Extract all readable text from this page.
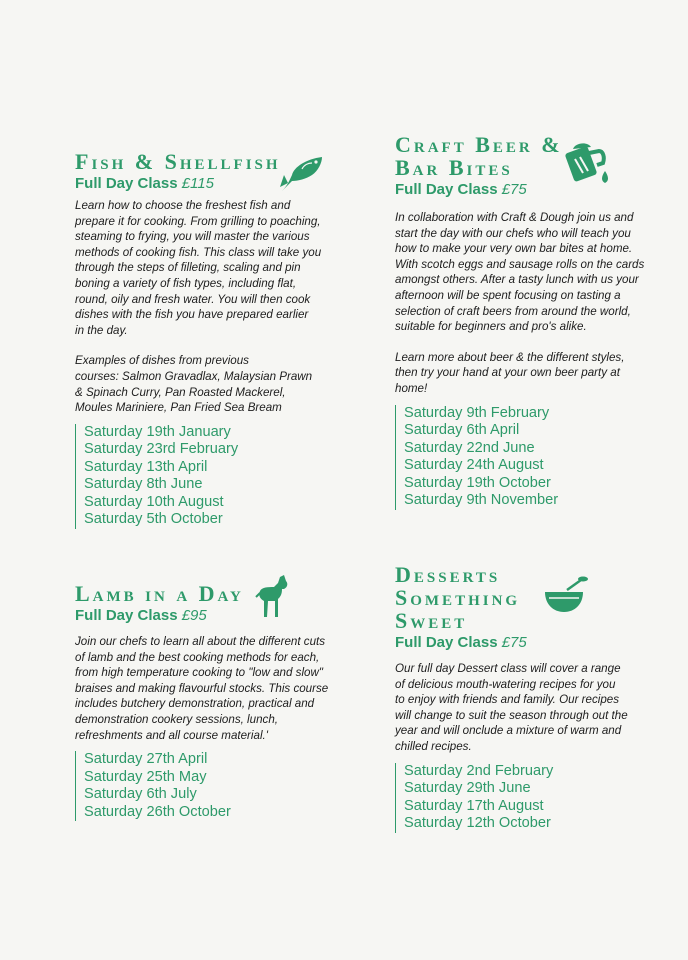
Fish & Shellfish
Full Day Class £115

Learn how to choose the freshest fish and
prepare it for cooking. From grilling to poaching,
steaming to frying, you will master the various
methods of cooking fish. This class will take you
through the steps of filleting, scaling and pin
boning a variety of fish types, including flat,
round, oily and fresh water. You will then cook
dishes with the fish you have prepared earlier
in the day.

Examples of dishes from previous
courses: Salmon Gravadlax, Malaysian Prawn
& Spinach Curry, Pan Roasted Mackerel,
Moules Mariniere, Pan Fried Sea Bream

Saturday 19th January
Saturday 23rd February
Saturday 13th April
Saturday 8th June
Saturday 10th August
Saturday 5th October
Craft Beer &
Bar Bites
Full Day Class £75

In collaboration with Craft & Dough join us and
start the day with our chefs who will teach you
how to make your very own bar bites at home.
With scotch eggs and sausage rolls on the cards
amongst others. After a tasty lunch with us your
afternoon will be spent focusing on tasting a
selection of craft beers from around the world,
suitable for beginners and pro's alike.

Learn more about beer & the different styles,
then try your hand at your own beer party at
home!

Saturday 9th February
Saturday 6th April
Saturday 22nd June
Saturday 24th August
Saturday 19th October
Saturday 9th November
Lamb in a Day
Full Day Class £95

Join our chefs to learn all about the different cuts
of lamb and the best cooking methods for each,
from high temperature cooking to "low and slow"
braises and making flavourful stocks. This course
includes butchery demonstration, practical and
demonstration cookery sessions, lunch,
refreshments and all course material.'

Saturday 27th April
Saturday 25th May
Saturday 6th July
Saturday 26th October
Desserts
Something
Sweet
Full Day Class £75

Our full day Dessert class will cover a range
of delicious mouth-watering recipes for you
to enjoy with friends and family. Our recipes
will change to suit the season through out the
year and will onclude a mixture of warm and
chilled recipes.

Saturday 2nd February
Saturday 29th June
Saturday 17th August
Saturday 12th October
